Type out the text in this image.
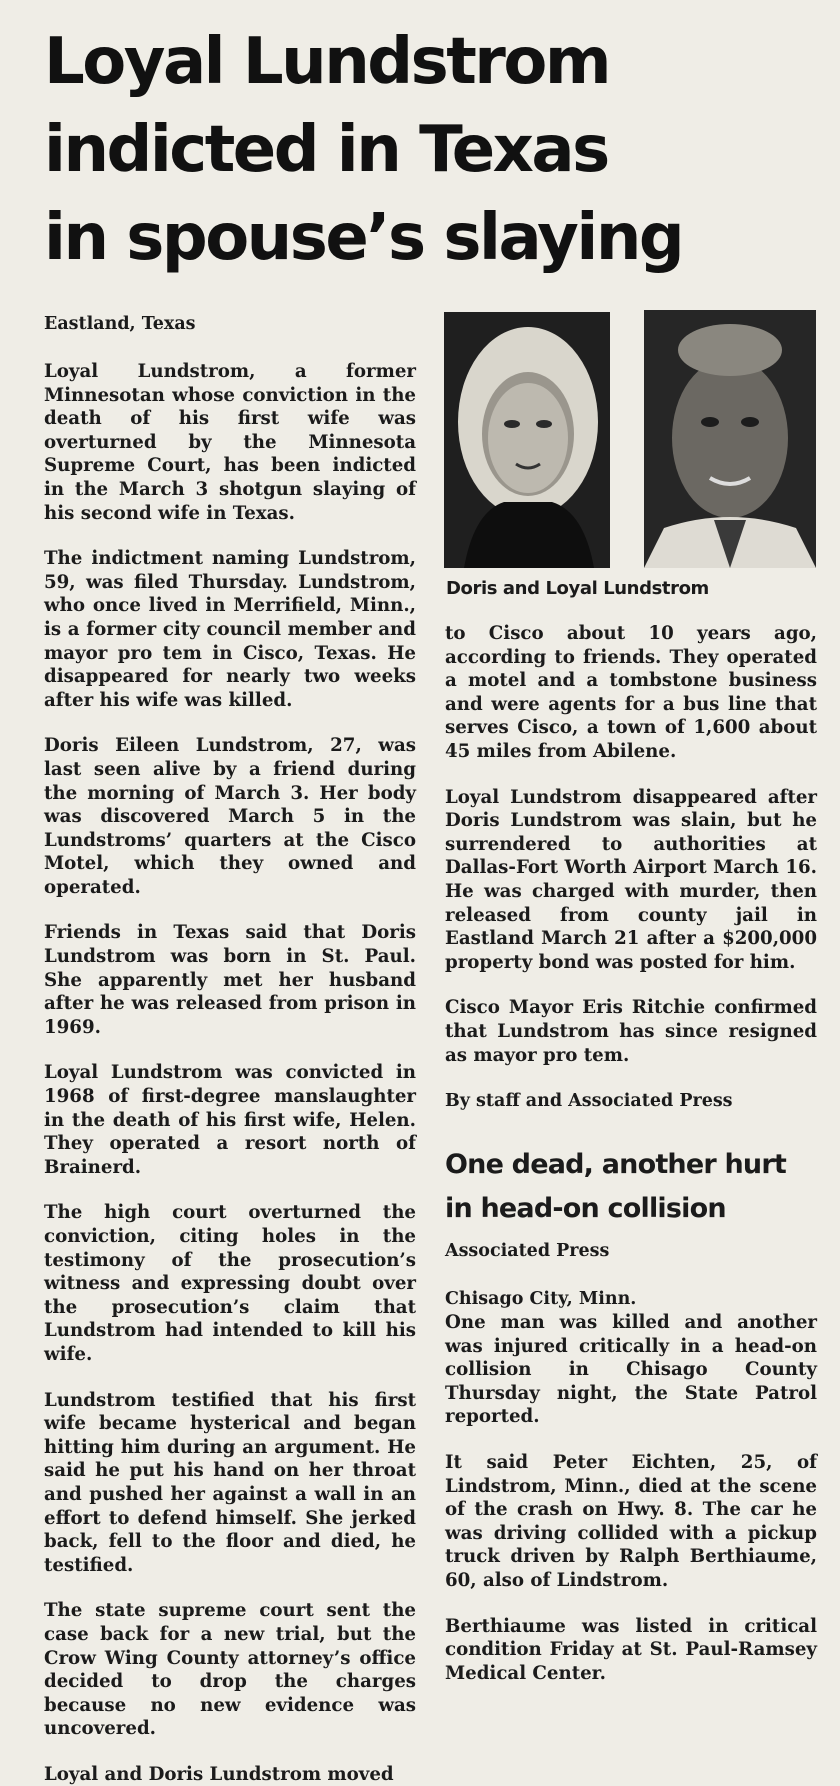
Loyal Lundstrom
indicted in Texas
in spouse’s slaying

Eastland, Texas

Loyal Lundstrom, a former Minnesotan whose conviction in the death of his first wife was overturned by the Minnesota Supreme Court, has been indicted in the March 3 shotgun slaying of his second wife in Texas.

The indictment naming Lundstrom, 59, was filed Thursday. Lundstrom, who once lived in Merrifield, Minn., is a former city council member and mayor pro tem in Cisco, Texas. He disappeared for nearly two weeks after his wife was killed.

Doris Eileen Lundstrom, 27, was last seen alive by a friend during the morning of March 3. Her body was discovered March 5 in the Lundstroms’ quarters at the Cisco Motel, which they owned and operated.

Friends in Texas said that Doris Lundstrom was born in St. Paul. She apparently met her husband after he was released from prison in 1969.

Loyal Lundstrom was convicted in 1968 of first-degree manslaughter in the death of his first wife, Helen. They operated a resort north of Brainerd.

The high court overturned the conviction, citing holes in the testimony of the prosecution’s witness and expressing doubt over the prosecution’s claim that Lundstrom had intended to kill his wife.

Lundstrom testified that his first wife became hysterical and began hitting him during an argument. He said he put his hand on her throat and pushed her against a wall in an effort to defend himself. She jerked back, fell to the floor and died, he testified.

The state supreme court sent the case back for a new trial, but the Crow Wing County attorney’s office decided to drop the charges because no new evidence was uncovered.

Loyal and Doris Lundstrom moved

Doris and Loyal Lundstrom

to Cisco about 10 years ago, according to friends. They operated a motel and a tombstone business and were agents for a bus line that serves Cisco, a town of 1,600 about 45 miles from Abilene.

Loyal Lundstrom disappeared after Doris Lundstrom was slain, but he surrendered to authorities at Dallas-Fort Worth Airport March 16. He was charged with murder, then released from county jail in Eastland March 21 after a $200,000 property bond was posted for him.

Cisco Mayor Eris Ritchie confirmed that Lundstrom has since resigned as mayor pro tem.

By staff and Associated Press

One dead, another hurt
in head-on collision

Associated Press

Chisago City, Minn.

One man was killed and another was injured critically in a head-on collision in Chisago County Thursday night, the State Patrol reported.

It said Peter Eichten, 25, of Lindstrom, Minn., died at the scene of the crash on Hwy. 8. The car he was driving collided with a pickup truck driven by Ralph Berthiaume, 60, also of Lindstrom.

Berthiaume was listed in critical condition Friday at St. Paul-Ramsey Medical Center.
